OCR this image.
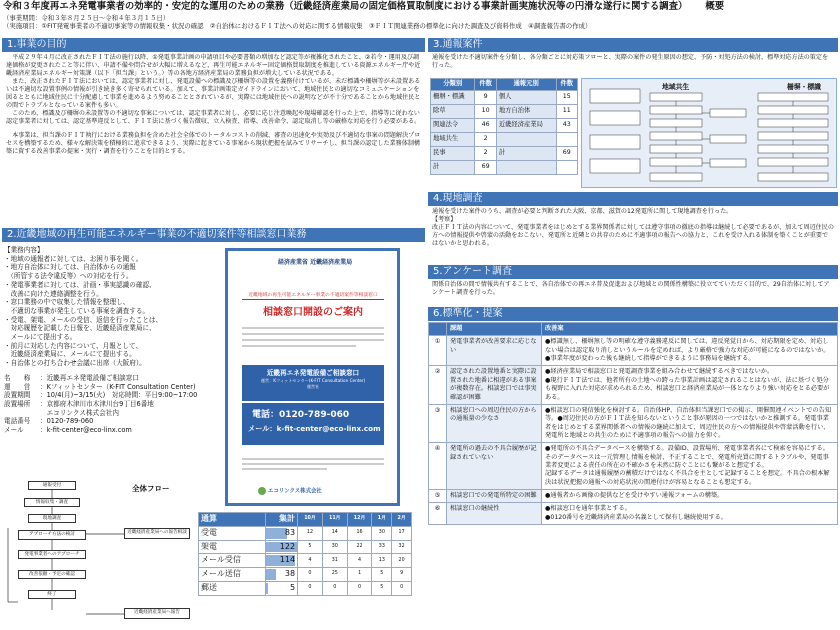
令和３年度再エネ発電事業者の効率的・安定的な運用のための業務（近畿経済産業局の固定価格買取制度における事業計画実施状況等の円滑な遂行に関する調査） 概要
（事業期間：令和３年８月２５日～令和４年３月１５日）
（実施項目：①FIT発電事業者の不適切事案等の情報収集・状況の確認　②自治体におけるＦＩＴ法への対応に関する情報収集　③ＦＩＴ関連業務の標準化に向けた調査及び資料作成　④調査報告書の作成）
1.事業の目的

平成２９年４月に改正されたＦＩＴ法の施行以降、①発電事業計画の申請項目や必要書類の増加など認定等が複雑化されたこと、②若令・運用及び調達価格が変更されたこと等に伴い、申請不備や問合せが大幅に増えるなど、再生可能エネルギー固定価格買取制度を推進している資源エネルギー庁や近畿経済産業局エネルギー対策課（以下「担当課」という。）等の各地方経済産業局の業務負担が増大している状況である。

また、改正されたＦＩＴ法においては、認定事業者に対し、発電設備への標識及び柵塀等の設置を義務付けているが、未だ標識や柵塀等が未設置あるいは不適切な設置事例の情報が引き続き多く寄せられている。加えて、事業計画策定ガイドラインにおいて、地域住民との適切なコミュニケーションを図るとともに地域住民に十分配慮して事業を進めるよう努めることとされているが、実際には地域住民への説明などが不十分であることから地域住民との間でトラブルとなっている案件も多い。

このため、標識及び柵塀の未設置等の不適切な事案については、認定事業者に対し、必要に応じ注意喚起や現場確認を行った上で、指導等に従わない認定事業者に対しては、認定基準違反として、ＦＩＴ法に基づく報告徴収、立入検査、指導、改善命令、認定取消し等の厳格な対応を行う必要がある。

本事業は、担当課のＦＩＴ執行における業務負担を含めた社会全体でのトータルコストの削減、審査の迅速化や実効及び不適切な事案の問題解決プロセスを構築するため、様々な解決策を積極的に追求できるよう、実際に起きている事案から現状把握を試みてリサーチし、担当課の認定した業務体制構築に資する改善事業の提案・実行・調査を行うことを目的とする。

2.近畿地域の再生可能エネルギー事業の不適切案件等相談窓口業務
【業務内容】
・地域の通報者に対しては、お困り事を聞く。
・地方自治体に対しては、自治体からの通報
　（所管する法令違反等）への対応を行う。
・発電事業者に対しては、計画・事実認識の確認、
　改善に向けた連絡調整を行う。
・窓口業務の中で収集した情報を整理し、
　不適切な事業が発生している事案を調査する。
・受電、架電、メールの受信、返信を行ったことは、
　対応履歴を記載した日報を、近畿経済産業局に、
　メールにて提出する。
・前月に対応した内容について、月報として、
　近畿経済産業局に、メールにて提出する。
・自治体との打ち合わせ会議に出席（大阪府）。
名　　称 ：近畿再エネ発電設備ご相談窓口
運　　営 ：Kフィットセンター（K-FIT Consultation Center)
設置期間 ：10/4(月)~3/15(火)　対応時間：平日9:00~17:00
設置場所 ：京都府木津川市木津川台9丁目6番地
　エコリンクス株式会社内
電話番号 ：0120-789-060
メール ：k-fit-center@eco-linx.com
全体フロー
通報受付
情報収集・調査
現地調査
アプローチ方法の検討	近畿経済産業局への報告相談
発電事業者へのアプローチ
改善依頼・予定の確認
近畿経済産業局へ報告
終了
経済産業省 近畿経済産業局
近畿地域の再生可能エネルギー事業の不適切案件等相談窓口
相談窓口開設のご案内
近畿再エネ発電設備ご相談窓口
運営：Kフィットセンター(K-FIT Consultation Center)
運営社
電話：0120-789-060
メール：k-fit-center@eco-linx.com
エコリンクス株式会社
通算	集計	10月	11月	12月	1月	2月
受電	83	12	14	16	30	17
架電	122	5	30	22	33	32
メール受信	114	4	31	4	13	20
メール送信	38	0	25	1	5	9
郵送	5	0	0	0	5	0
3.通報案件
通報を受けた不適切案件を分類し、各分類ごとに対応策フローと、実際の案件の発生原因の想定、予防・対処方法の検討、標準対応方法の策定を行った。
分類別	件数	通報元別	件数
柵塀・標識	9	個人	15
除草	10	地方自治体	11
関連法令	46	近畿経済産業局	43
地域共生	2		
民事	2	計	69
計	69		
地域共生	柵塀・標識
4.現地調査
通報を受けた案件のうち、調査が必要と判断された大阪、京都、滋賀の12発電所に関して現地調査を行った。
【考察】
改正ＦＩＴ法の内容について、発電事業者をはじめとする業界関係者に対しては遵守事項の徹底の指導は継続して必要であるが、加えて周辺住民の方への情報提供や啓蒙の活動をおこない、発電所と近隣との共存のために不適事項の報告への協力と、これを受け入れる体制を築くことが重要ではないかと思われる。
5.アンケート調査
関係自治体の間で情報共有することで、各自治体での再エネ普及促進および地域との関係性構築に役立てていただく目的で、29自治体に対してアンケート調査を行った。
6.標準化・提案
	課題	改善案
①	発電事業者が改善要求に応じない	●標識無し、柵塀無し等の明確な遵守義務違反に関しては、違反発覚日から、対応期限を定め、対応しない場合は認定取り消しというルールを定めれば、より厳格で強力な対応が可能になるのではないか。
●事業年度が変わった後も継続して指導ができるように事務局を継続する。
②	認定された設置地番と実際に設置された地番に相違がある事案が複数存在。相談窓口では事実確認が困難	●経済産業局で相談窓口と発電調査事業を組み合わせて継続するべきではないか。
●現行ＦＩＴ法では、他者所有の土地への跨った事業計画は認定されることはないが、法に基づく処分も視野に入れた対応が求められるため、相談窓口と経済産業局が一体となりより強い対応をとる必要がある。
③	相談窓口への周辺住民の方からの通報量の少なさ	●相談窓口の発信強化を検討する。自治体HP、自治体担当課窓口での掲示、開催関連イベントでの告知等。●周辺住民の方がＦＩＴ法を知らないということ事が原因の一つではないかと推測する。発電事業者をはじめとする業界関係者への情報の継続に加えて、周辺住民の方への情報提供や啓蒙活動を行い、発電所と地域との共生のために不適事項の報告への協力を仰ぐ。
④	発電所の過去の不具合履歴が記録されていない	●発電所の不具合データベースを構築する。設備ID、設置場所、発電事業者名にて検索を容易にする。そのデータベースは一元管理し情報を検討、不正することで、発電所売買に関するトラブルや、発電事業者変更による責任の所在の不確かさを未然に防ぐことにも繋がると想定する。
記録するデータは通報履歴の蓄積だけではなく不具合を主として記録することを想定。不具合の根本解決は状況把握の通報への対応状況の関連付けが容易となることも想定する。
⑤	相談窓口での発電所特定の困難	●通報者から画像の提供などを受けやすい通報フォームの構築。
⑥	相談窓口の継続性	●相談窓口を通年事業とする。
●0120番号を近畿経済産業局の名義として保有し継続使用する。
